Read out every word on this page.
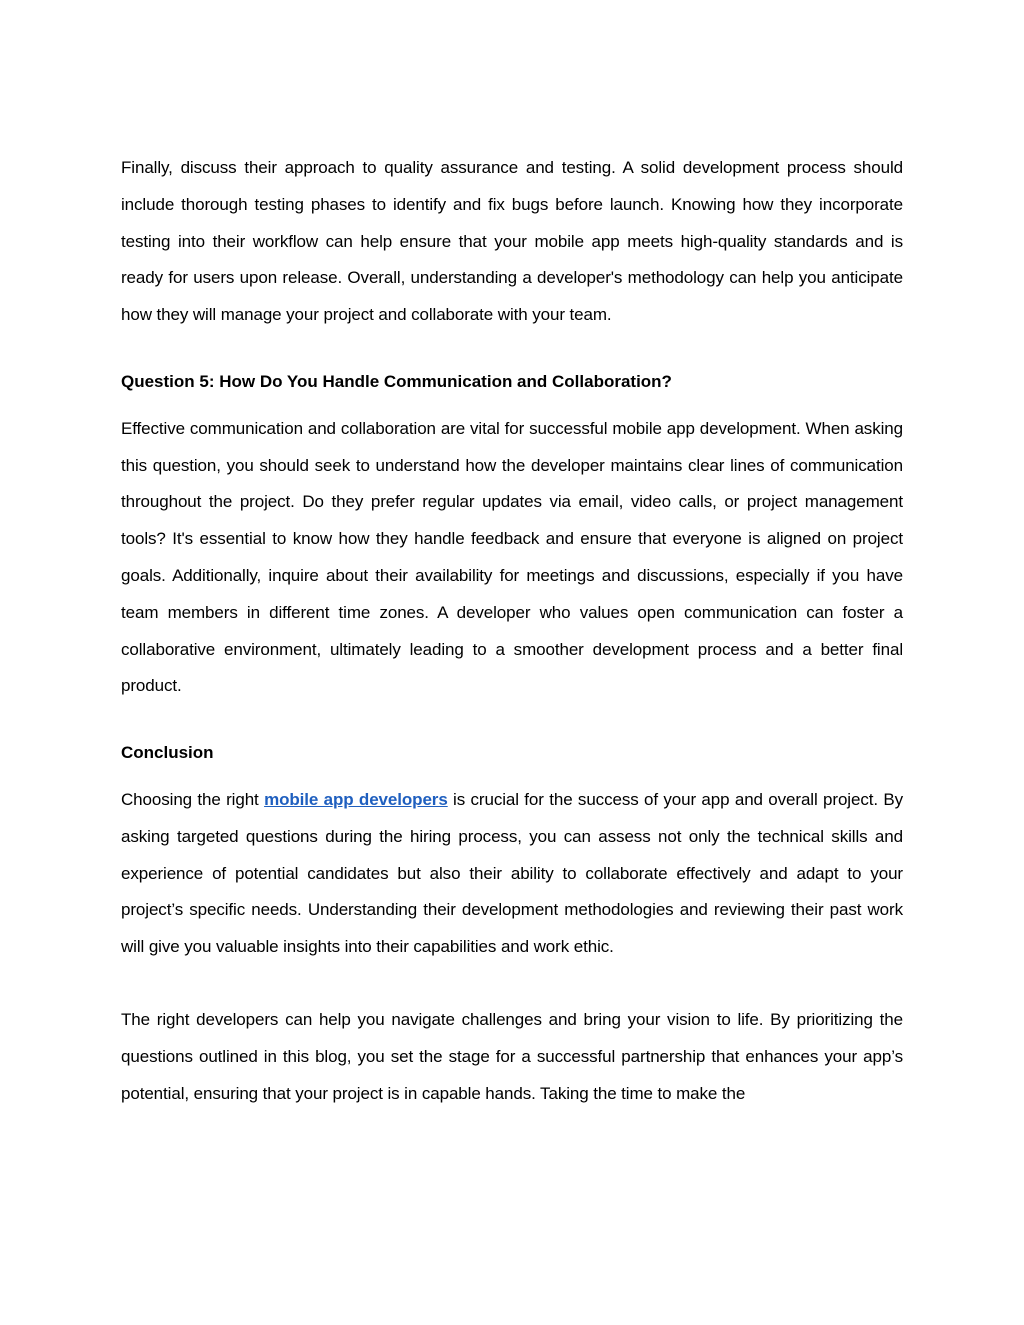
Finally, discuss their approach to quality assurance and testing. A solid development process should include thorough testing phases to identify and fix bugs before launch. Knowing how they incorporate testing into their workflow can help ensure that your mobile app meets high-quality standards and is ready for users upon release. Overall, understanding a developer's methodology can help you anticipate how they will manage your project and collaborate with your team.

Question 5: How Do You Handle Communication and Collaboration?

Effective communication and collaboration are vital for successful mobile app development. When asking this question, you should seek to understand how the developer maintains clear lines of communication throughout the project. Do they prefer regular updates via email, video calls, or project management tools? It's essential to know how they handle feedback and ensure that everyone is aligned on project goals. Additionally, inquire about their availability for meetings and discussions, especially if you have team members in different time zones. A developer who values open communication can foster a collaborative environment, ultimately leading to a smoother development process and a better final product.

Conclusion

Choosing the right mobile app developers is crucial for the success of your app and overall project. By asking targeted questions during the hiring process, you can assess not only the technical skills and experience of potential candidates but also their ability to collaborate effectively and adapt to your project’s specific needs. Understanding their development methodologies and reviewing their past work will give you valuable insights into their capabilities and work ethic.

The right developers can help you navigate challenges and bring your vision to life. By prioritizing the questions outlined in this blog, you set the stage for a successful partnership that enhances your app’s potential, ensuring that your project is in capable hands. Taking the time to make the
